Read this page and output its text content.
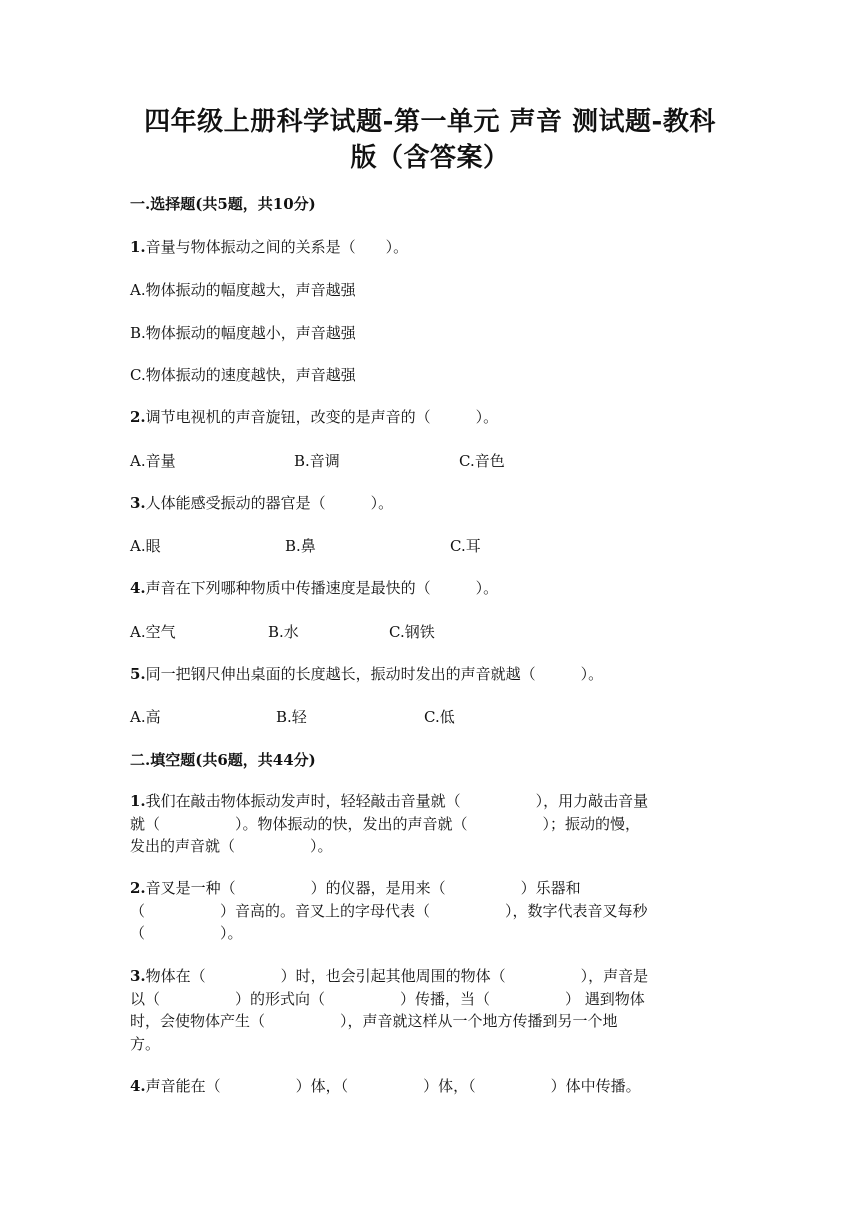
四年级上册科学试题-第一单元 声音 测试题-教科
版（含答案）
一.选择题(共5题，共10分)
1.音量与物体振动之间的关系是（　　）。
A.物体振动的幅度越大，声音越强
B.物体振动的幅度越小，声音越强
C.物体振动的速度越快，声音越强
2.调节电视机的声音旋钮，改变的是声音的（　　　）。
A.音量	B.音调	C.音色
3.人体能感受振动的器官是（　　　）。
A.眼	B.鼻	C.耳
4.声音在下列哪种物质中传播速度是最快的（　　　）。
A.空气	B.水	C.钢铁
5.同一把钢尺伸出桌面的长度越长，振动时发出的声音就越（　　　）。
A.高	B.轻	C.低
二.填空题(共6题，共44分)
1.我们在敲击物体振动发声时，轻轻敲击音量就（　　　　　），用力敲击音量
就（　　　　　）。物体振动的快，发出的声音就（　　　　　）；振动的慢，
发出的声音就（　　　　　）。
2.音叉是一种（　　　　　）的仪器，是用来（　　　　　）乐器和
（　　　　　）音高的。音叉上的字母代表（　　　　　），数字代表音叉每秒
（　　　　　）。
3.物体在（　　　　　）时，也会引起其他周围的物体（　　　　　），声音是
以（　　　　　）的形式向（　　　　　）传播，当（　　　　　） 遇到物体
时，会使物体产生（　　　　　），声音就这样从一个地方传播到另一个地
方。
4.声音能在（　　　　　）体，（　　　　　）体，（　　　　　）体中传播。
